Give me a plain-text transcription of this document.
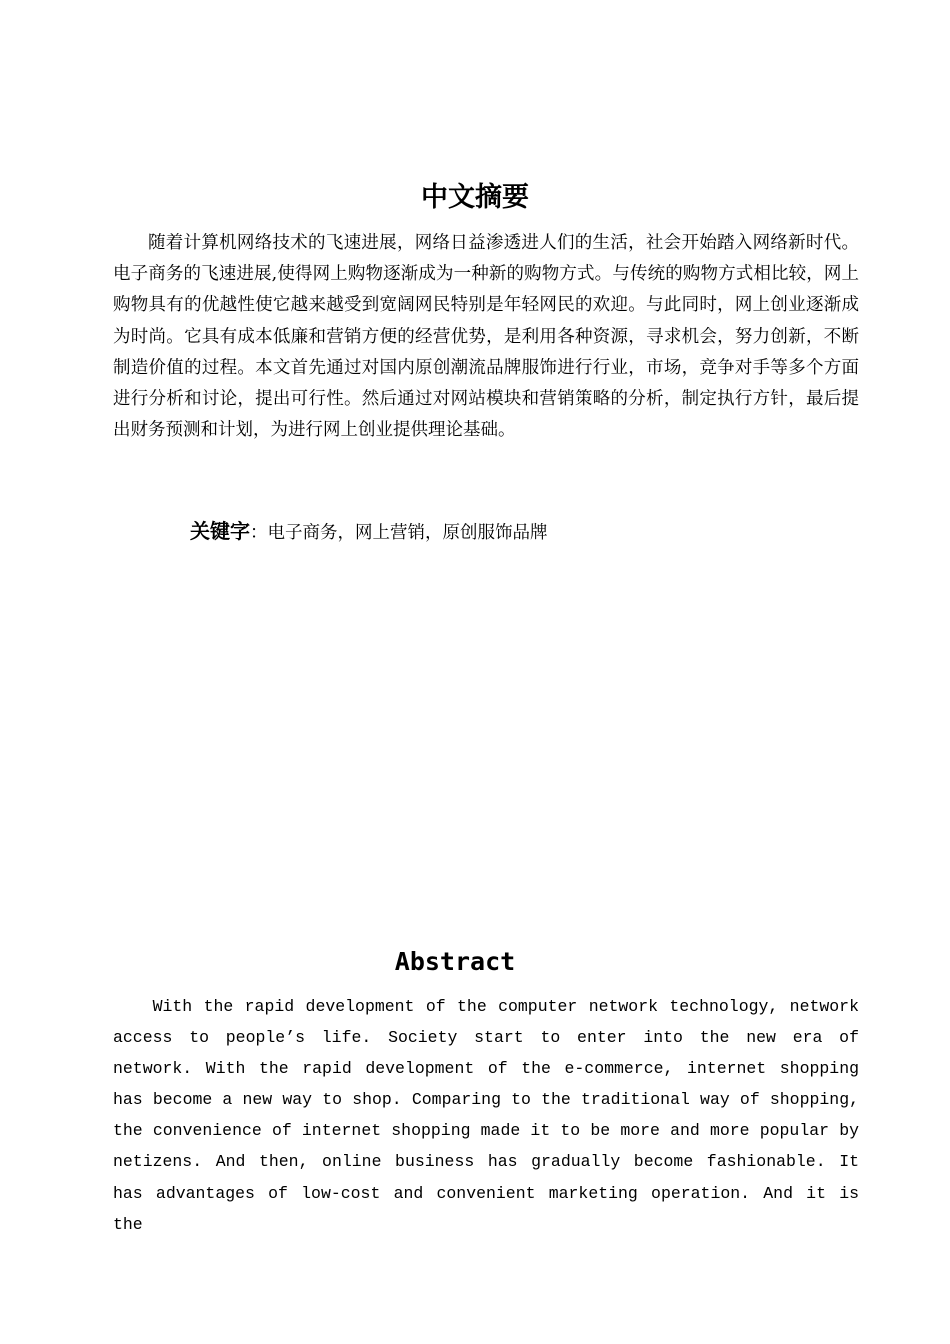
中文摘要

随着计算机网络技术的飞速进展，网络日益渗透进人们的生活，社会开始踏入网络新时代。电子商务的飞速进展,使得网上购物逐渐成为一种新的购物方式。与传统的购物方式相比较，网上购物具有的优越性使它越来越受到宽阔网民特别是年轻网民的欢迎。与此同时，网上创业逐渐成为时尚。它具有成本低廉和营销方便的经营优势，是利用各种资源，寻求机会，努力创新，不断制造价值的过程。本文首先通过对国内原创潮流品牌服饰进行行业，市场，竞争对手等多个方面进行分析和讨论，提出可行性。然后通过对网站模块和营销策略的分析，制定执行方针，最后提出财务预测和计划，为进行网上创业提供理论基础。

关键字：电子商务，网上营销，原创服饰品牌
Abstract

With the rapid development of the computer network technology, network access to people’s life. Society start to enter into the new era of network. With the rapid development of the e-commerce, internet shopping has become a new way to shop. Comparing to the traditional way of shopping, the convenience of internet shopping made it to be more and more popular by netizens. And then, online business has gradually become fashionable. It has advantages of low-cost and convenient marketing operation. And it is the
